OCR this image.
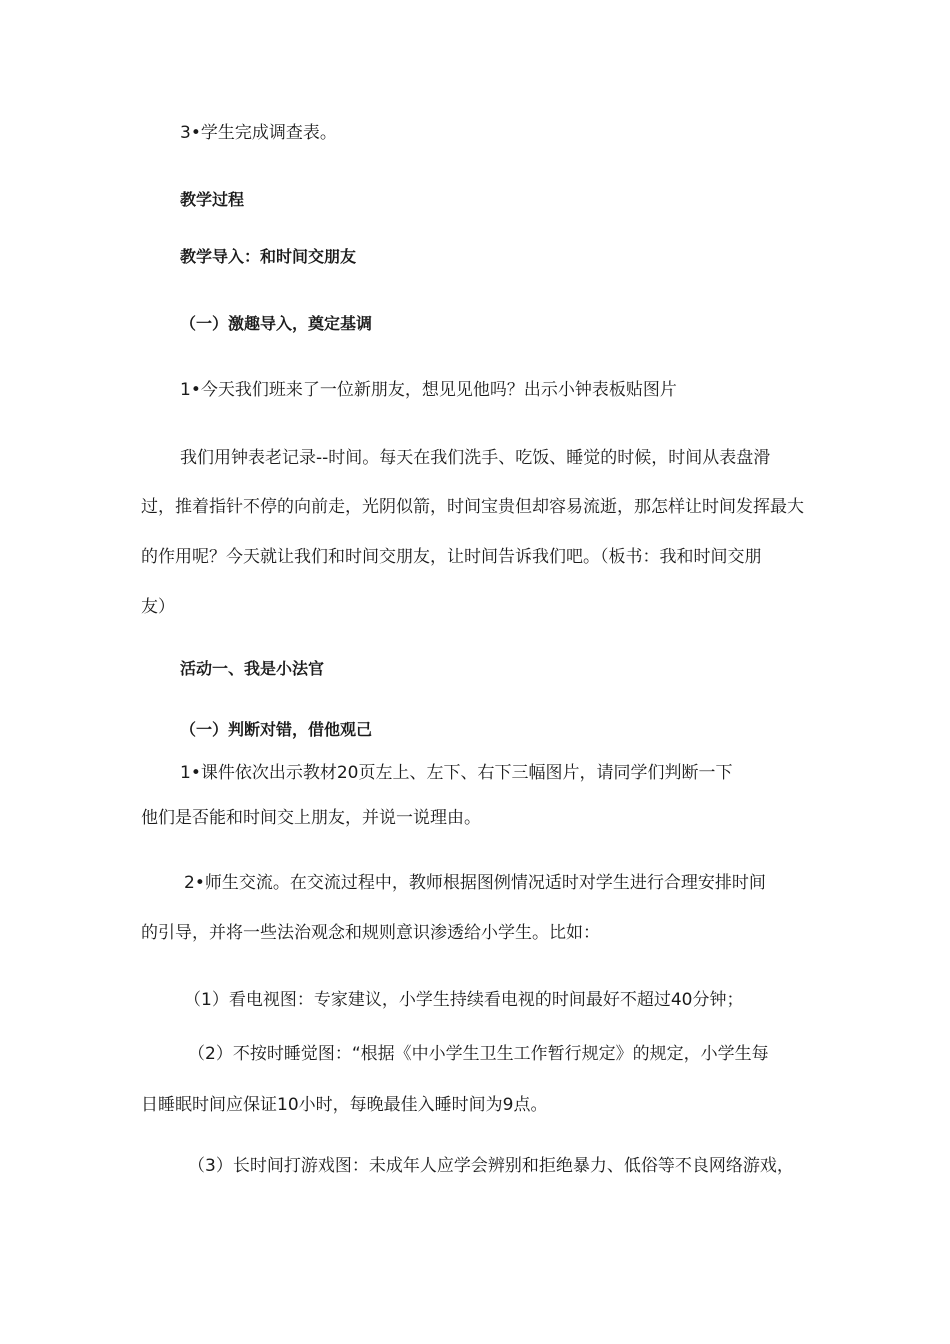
3•学生完成调查表。

教学过程

教学导入：和时间交朋友

（一）激趣导入，奠定基调

1•今天我们班来了一位新朋友，想见见他吗？出示小钟表板贴图片

我们用钟表老记录--时间。每天在我们洗手、吃饭、睡觉的时候，时间从表盘滑

过，推着指针不停的向前走，光阴似箭，时间宝贵但却容易流逝，那怎样让时间发挥最大

的作用呢？今天就让我们和时间交朋友，让时间告诉我们吧。（板书：我和时间交朋

友）

活动一、我是小法官

（一）判断对错，借他观己

1•课件依次出示教材20页左上、左下、右下三幅图片，请同学们判断一下

他们是否能和时间交上朋友，并说一说理由。

2•师生交流。在交流过程中，教师根据图例情况适时对学生进行合理安排时间

的引导，并将一些法治观念和规则意识渗透给小学生。比如：

（1）看电视图：专家建议，小学生持续看电视的时间最好不超过40分钟；

（2）不按时睡觉图：“根据《中小学生卫生工作暂行规定》的规定，小学生每

日睡眠时间应保证10小时，每晚最佳入睡时间为9点。

（3）长时间打游戏图：未成年人应学会辨别和拒绝暴力、低俗等不良网络游戏，
